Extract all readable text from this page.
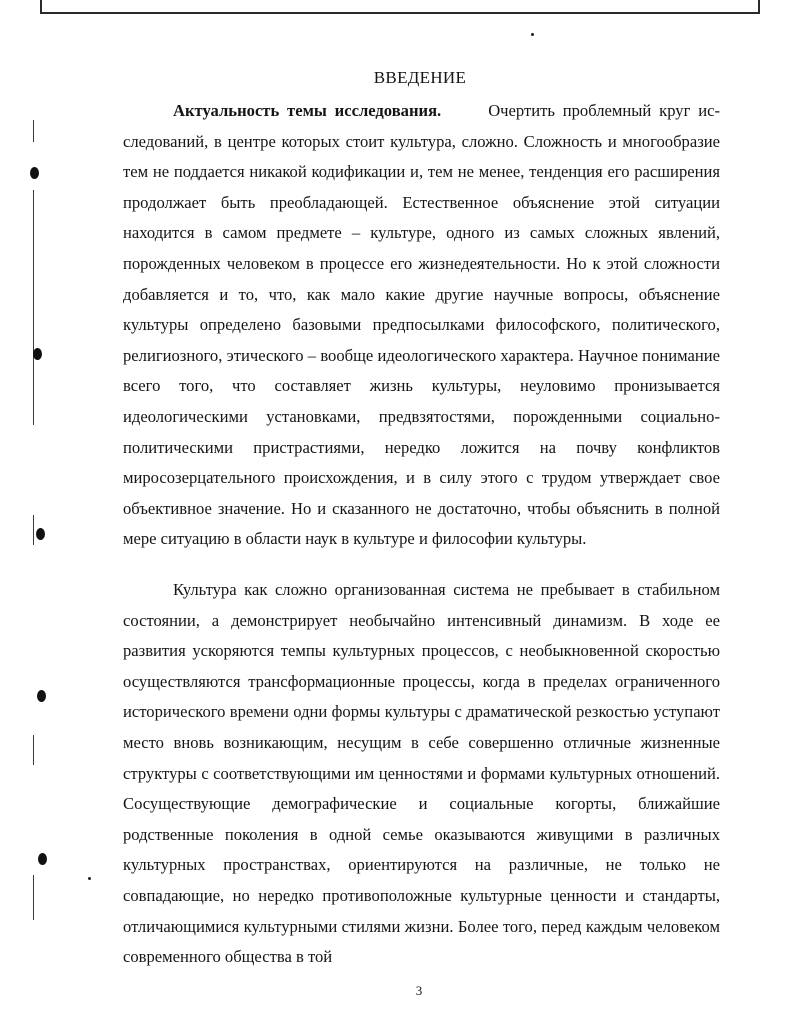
ВВЕДЕНИЕ

Актуальность темы исследования.	Очертить проблемный круг исследований, в центре которых стоит культура, сложно. Сложность и многообразие тем не поддается никакой кодификации и, тем не менее, тенденция его расширения продолжает быть преобладающей. Естественное объяснение этой ситуации находится в самом предмете – культуре, одного из самых сложных явлений, порожденных человеком в процессе его жизнедеятельности. Но к этой сложности добавляется и то, что, как мало какие другие научные вопросы, объяснение культуры определено базовыми предпосылками философского, политического, религиозного, этического – вообще идеологического характера. Научное понимание всего того, что составляет жизнь культуры, неуловимо пронизывается идеологическими установками, предвзятостями, порожденными социально-политическими пристрастиями, нередко ложится на почву конфликтов миросозерцательного происхождения, и в силу этого с трудом утверждает свое объективное значение. Но и сказанного не достаточно, чтобы объяснить в полной мере ситуацию в области наук в культуре и философии культуры.

Культура как сложно организованная система не пребывает в стабильном состоянии, а демонстрирует необычайно интенсивный динамизм. В ходе ее развития ускоряются темпы культурных процессов, с необыкновенной скоростью осуществляются трансформационные процессы, когда в пределах ограниченного исторического времени одни формы культуры с драматической резкостью уступают место вновь возникающим, несущим в себе совершенно отличные жизненные структуры с соответствующими им ценностями и формами культурных отношений. Сосуществующие демографические и социальные когорты, ближайшие родственные поколения в одной семье оказываются живущими в различных культурных пространствах, ориентируются на различные, не только не совпадающие, но нередко противоположные культурные ценности и стандарты, отличающимися культурными стилями жизни. Более того, перед каждым человеком современного общества в той

3
